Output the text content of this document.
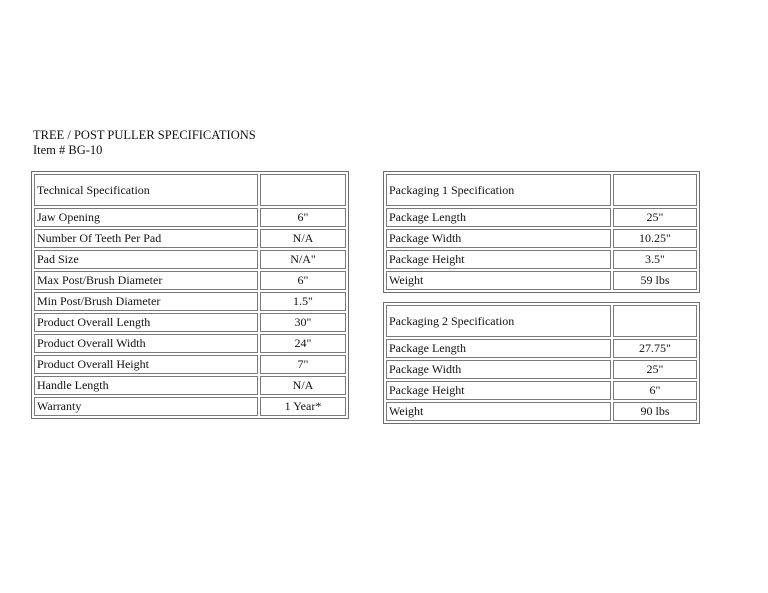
TREE / POST PULLER SPECIFICATIONS
Item # BG-10
Technical Specification	
Jaw Opening	6"
Number Of Teeth Per Pad	N/A
Pad Size	N/A"
Max Post/Brush Diameter	6"
Min Post/Brush Diameter	1.5"
Product Overall Length	30"
Product Overall Width	24"
Product Overall Height	7"
Handle Length	N/A
Warranty	1 Year*
Packaging 1 Specification	
Package Length	25"
Package Width	10.25"
Package Height	3.5"
Weight	59 lbs
Packaging 2 Specification	
Package Length	27.75"
Package Width	25"
Package Height	6"
Weight	90 lbs
